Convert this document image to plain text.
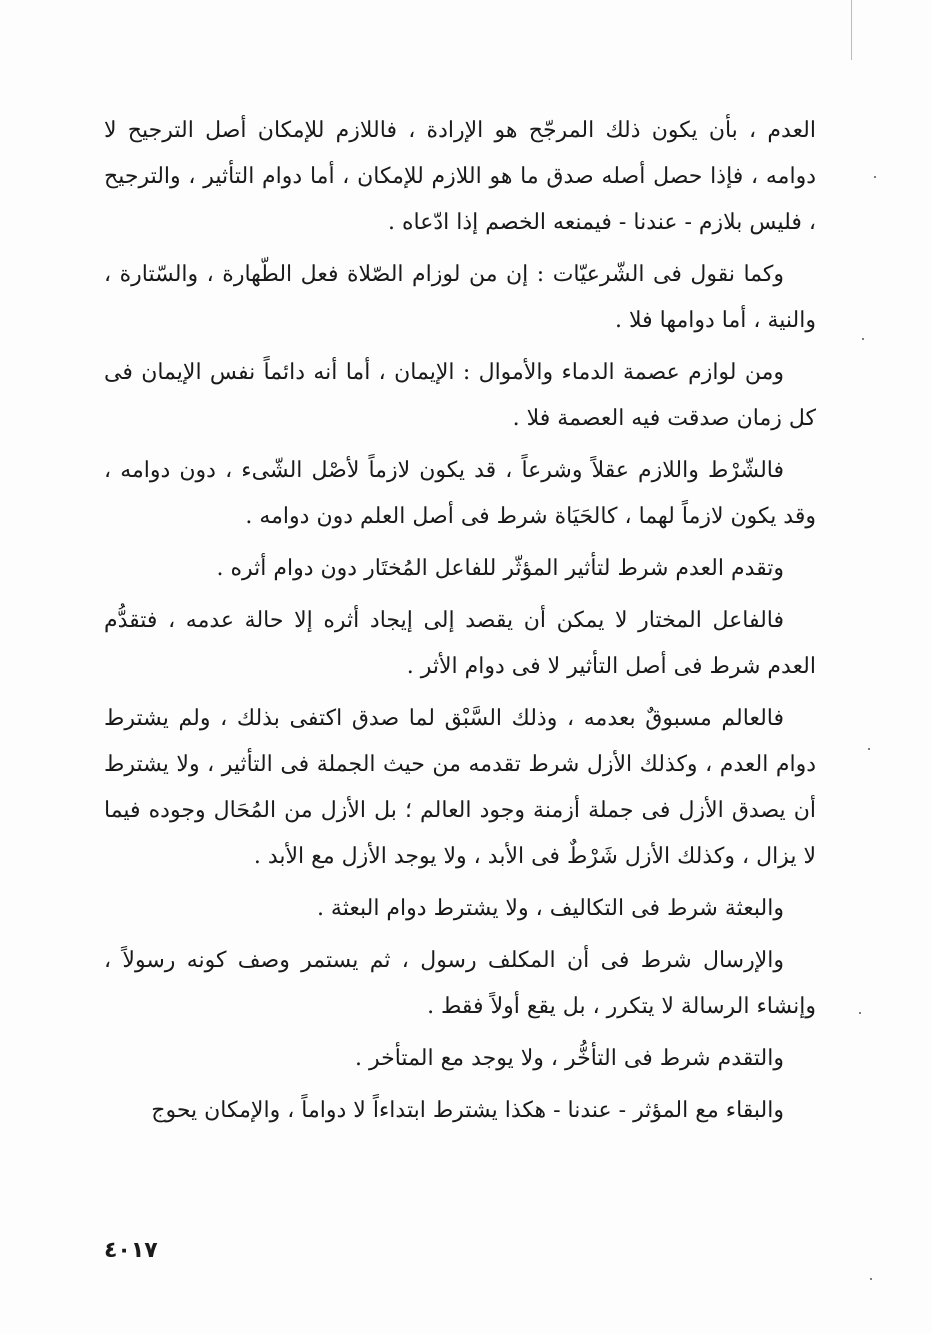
العدم ، بأن يكون ذلك المرجّح هو الإرادة ، فاللازم للإمكان أصل الترجيح لا دوامه ، فإذا حصل أصله صدق ما هو اللازم للإمكان ، أما دوام التأثير ، والترجيح ، فليس بلازم - عندنا - فيمنعه الخصم إذا ادّعاه .

وكما نقول فى الشّرعيّات : إن من لوزام الصّلاة فعل الطّهارة ، والسّتارة ، والنية ، أما دوامها فلا .

ومن لوازم عصمة الدماء والأموال : الإيمان ، أما أنه دائماً نفس الإيمان فى كل زمان صدقت فيه العصمة فلا .

فالشّرْط واللازم عقلاً وشرعاً ، قد يكون لازماً لأصْل الشّىء ، دون دوامه ، وقد يكون لازماً لهما ، كالحَيَاة شرط فى أصل العلم دون دوامه .

وتقدم العدم شرط لتأثير المؤثّر للفاعل المُختَار دون دوام أثره .

فالفاعل المختار لا يمكن أن يقصد إلى إيجاد أثره إلا حالة عدمه ، فتقدُّم العدم شرط فى أصل التأثير لا فى دوام الأثر .

فالعالم مسبوقٌ بعدمه ، وذلك السَّبْق لما صدق اكتفى بذلك ، ولم يشترط دوام العدم ، وكذلك الأزل شرط تقدمه من حيث الجملة فى التأثير ، ولا يشترط أن يصدق الأزل فى جملة أزمنة وجود العالم ؛ بل الأزل من المُحَال وجوده فيما لا يزال ، وكذلك الأزل شَرْطٌ فى الأبد ، ولا يوجد الأزل مع الأبد .

والبعثة شرط فى التكاليف ، ولا يشترط دوام البعثة .

والإرسال شرط فى أن المكلف رسول ، ثم يستمر وصف كونه رسولاً ، وإنشاء الرسالة لا يتكرر ، بل يقع أولاً فقط .

والتقدم شرط فى التأخُّر ، ولا يوجد مع المتأخر .

والبقاء مع المؤثر - عندنا - هكذا يشترط ابتداءاً لا دواماً ، والإمكان يحوج

٤٠١٧
